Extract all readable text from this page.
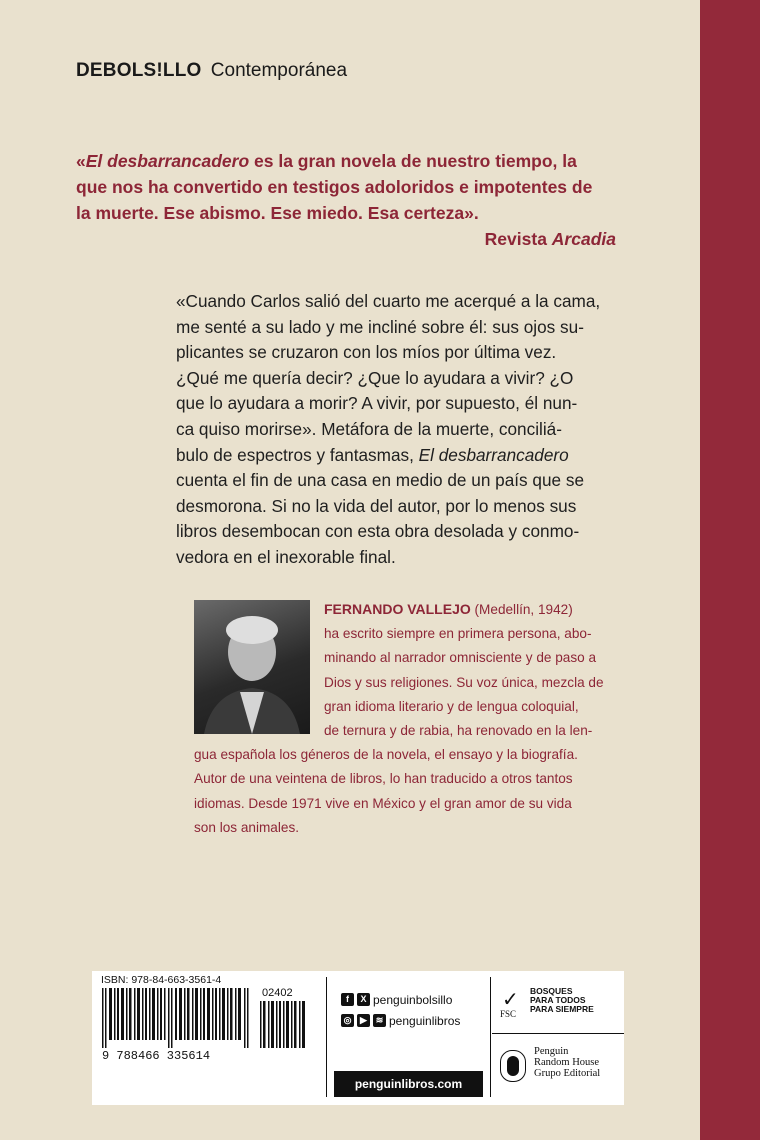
DEBOLS!LLO Contemporánea
«El desbarrancadero es la gran novela de nuestro tiempo, la
que nos ha convertido en testigos adoloridos e impotentes de
la muerte. Ese abismo. Ese miedo. Esa certeza».
Revista Arcadia
«Cuando Carlos salió del cuarto me acerqué a la cama,
me senté a su lado y me incliné sobre él: sus ojos su-
plicantes se cruzaron con los míos por última vez.
¿Qué me quería decir? ¿Que lo ayudara a vivir? ¿O
que lo ayudara a morir? A vivir, por supuesto, él nun-
ca quiso morirse». Metáfora de la muerte, conciliá-
bulo de espectros y fantasmas, El desbarrancadero
cuenta el fin de una casa en medio de un país que se
desmorona. Si no la vida del autor, por lo menos sus
libros desembocan con esta obra desolada y conmo-
vedora en el inexorable final.
FERNANDO VALLEJO (Medellín, 1942)
ha escrito siempre en primera persona, abo-
minando al narrador omnisciente y de paso a
Dios y sus religiones. Su voz única, mezcla de
gran idioma literario y de lengua coloquial,
de ternura y de rabia, ha renovado en la len-
gua española los géneros de la novela, el ensayo y la biografía.
Autor de una veintena de libros, lo han traducido a otros tantos
idiomas. Desde 1971 vive en México y el gran amor de su vida
son los animales.
ISBN: 978-84-663-3561-4
02402
9 788466 335614
f	X penguinbolsillo
◎ ▶ ≋ penguinlibros
penguinlibros.com
✓
FSC
BOSQUES
PARA TODOS
PARA SIEMPRE
Penguin
Random House
Grupo Editorial
